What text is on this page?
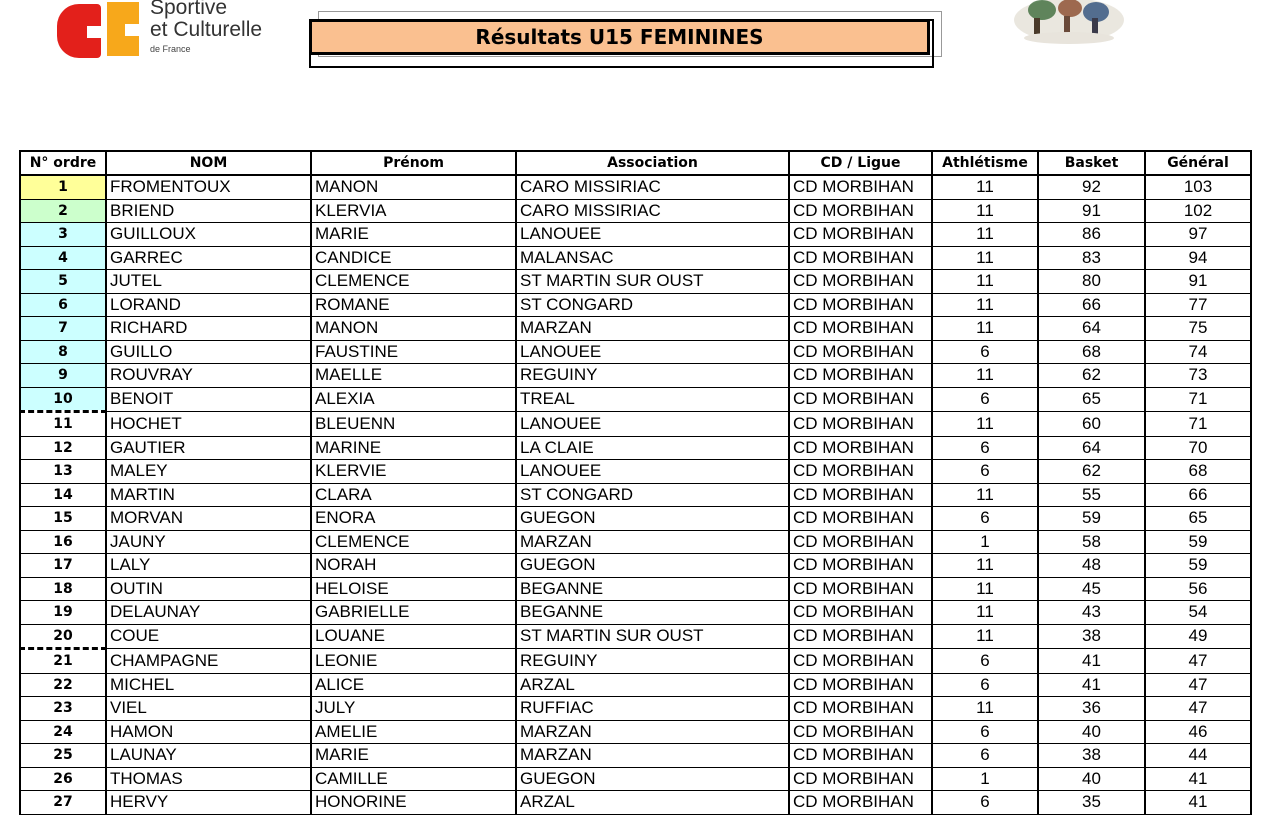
Sportive
et Culturelle
de France	Résultats U15 FEMININES
N° ordre	NOM	Prénom	Association	CD / Ligue	Athlétisme	Basket	Général
1	FROMENTOUX	MANON	CARO MISSIRIAC	CD MORBIHAN	11	92	103
2	BRIEND	KLERVIA	CARO MISSIRIAC	CD MORBIHAN	11	91	102
3	GUILLOUX	MARIE	LANOUEE	CD MORBIHAN	11	86	97
4	GARREC	CANDICE	MALANSAC	CD MORBIHAN	11	83	94
5	JUTEL	CLEMENCE	ST MARTIN SUR OUST	CD MORBIHAN	11	80	91
6	LORAND	ROMANE	ST CONGARD	CD MORBIHAN	11	66	77
7	RICHARD	MANON	MARZAN	CD MORBIHAN	11	64	75
8	GUILLO	FAUSTINE	LANOUEE	CD MORBIHAN	6	68	74
9	ROUVRAY	MAELLE	REGUINY	CD MORBIHAN	11	62	73
10	BENOIT	ALEXIA	TREAL	CD MORBIHAN	6	65	71
11	HOCHET	BLEUENN	LANOUEE	CD MORBIHAN	11	60	71
12	GAUTIER	MARINE	LA CLAIE	CD MORBIHAN	6	64	70
13	MALEY	KLERVIE	LANOUEE	CD MORBIHAN	6	62	68
14	MARTIN	CLARA	ST CONGARD	CD MORBIHAN	11	55	66
15	MORVAN	ENORA	GUEGON	CD MORBIHAN	6	59	65
16	JAUNY	CLEMENCE	MARZAN	CD MORBIHAN	1	58	59
17	LALY	NORAH	GUEGON	CD MORBIHAN	11	48	59
18	OUTIN	HELOISE	BEGANNE	CD MORBIHAN	11	45	56
19	DELAUNAY	GABRIELLE	BEGANNE	CD MORBIHAN	11	43	54
20	COUE	LOUANE	ST MARTIN SUR OUST	CD MORBIHAN	11	38	49
21	CHAMPAGNE	LEONIE	REGUINY	CD MORBIHAN	6	41	47
22	MICHEL	ALICE	ARZAL	CD MORBIHAN	6	41	47
23	VIEL	JULY	RUFFIAC	CD MORBIHAN	11	36	47
24	HAMON	AMELIE	MARZAN	CD MORBIHAN	6	40	46
25	LAUNAY	MARIE	MARZAN	CD MORBIHAN	6	38	44
26	THOMAS	CAMILLE	GUEGON	CD MORBIHAN	1	40	41
27	HERVY	HONORINE	ARZAL	CD MORBIHAN	6	35	41
